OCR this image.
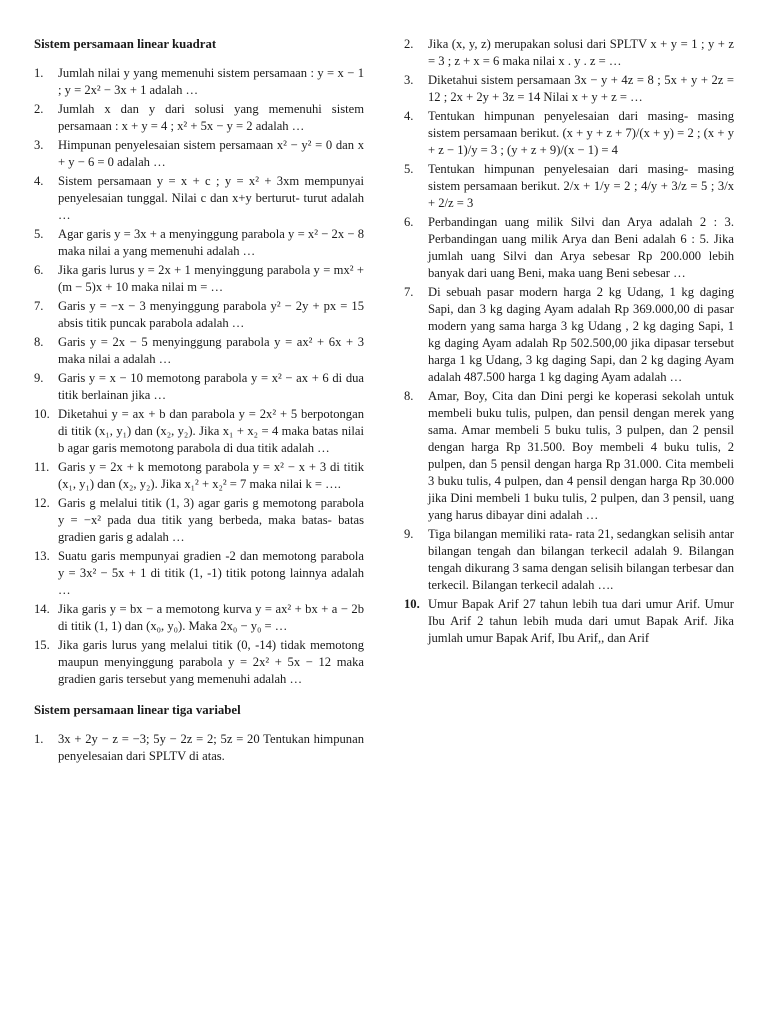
Sistem persamaan linear kuadrat
1. Jumlah nilai y yang memenuhi sistem persamaan : y = x − 1 ; y = 2x² − 3x + 1 adalah …
2. Jumlah x dan y dari solusi yang memenuhi sistem persamaan : x + y = 4 ; x² + 5x − y = 2 adalah …
3. Himpunan penyelesaian sistem persamaan x² − y² = 0 dan x + y − 6 = 0 adalah …
4. Sistem persamaan y = x + c ; y = x² + 3xm mempunyai penyelesaian tunggal. Nilai c dan x+y berturut- turut adalah …
5. Agar garis y = 3x + a menyinggung parabola y = x² − 2x − 8 maka nilai a yang memenuhi adalah …
6. Jika garis lurus y = 2x + 1 menyinggung parabola y = mx² + (m − 5)x + 10 maka nilai m = …
7. Garis y = −x − 3 menyinggung parabola y² − 2y + px = 15 absis titik puncak parabola adalah …
8. Garis y = 2x − 5 menyinggung parabola y = ax² + 6x + 3 maka nilai a adalah …
9. Garis y = x − 10 memotong parabola y = x² − ax + 6 di dua titik berlainan jika …
10. Diketahui y = ax + b dan parabola y = 2x² + 5 berpotongan di titik (x₁, y₁) dan (x₂, y₂). Jika x₁ + x₂ = 4 maka batas nilai b agar garis memotong parabola di dua titik adalah …
11. Garis y = 2x + k memotong parabola y = x² − x + 3 di titik (x₁, y₁) dan (x₂, y₂). Jika x₁² + x₂² = 7 maka nilai k = ….
12. Garis g melalui titik (1, 3) agar garis g memotong parabola y = −x² pada dua titik yang berbeda, maka batas- batas gradien garis g adalah …
13. Suatu garis mempunyai gradien -2 dan memotong parabola y = 3x² − 5x + 1 di titik (1, -1) titik potong lainnya adalah …
14. Jika garis y = bx − a memotong kurva y = ax² + bx + a − 2b di titik (1, 1) dan (x₀, y₀). Maka 2x₀ − y₀ = …
15. Jika garis lurus yang melalui titik (0, -14) tidak memotong maupun menyinggung parabola y = 2x² + 5x − 12 maka gradien garis tersebut yang memenuhi adalah …
Sistem persamaan linear tiga variabel
1. 3x + 2y − z = −3; 5y − 2z = 2; 5z = 20 Tentukan himpunan penyelesaian dari SPLTV di atas.
2. Jika (x, y, z) merupakan solusi dari SPLTV x + y = 1 ; y + z = 3 ; z + x = 6 maka nilai x . y . z = …
3. Diketahui sistem persamaan 3x − y + 4z = 8 ; 5x + y + 2z = 12 ; 2x + 2y + 3z = 14 Nilai x + y + z = …
4. Tentukan himpunan penyelesaian dari masing- masing sistem persamaan berikut. (x + y + z + 7)/(x + y) = 2 ; (x + y + z − 1)/y = 3 ; (y + z + 9)/(x − 1) = 4
5. Tentukan himpunan penyelesaian dari masing- masing sistem persamaan berikut. 2/x + 1/y = 2 ; 4/y + 3/z = 5 ; 3/x + 2/z = 3
6. Perbandingan uang milik Silvi dan Arya adalah 2 : 3. Perbandingan uang milik Arya dan Beni adalah 6 : 5. Jika jumlah uang Silvi dan Arya sebesar Rp 200.000 lebih banyak dari uang Beni, maka uang Beni sebesar …
7. Di sebuah pasar modern harga 2 kg Udang, 1 kg daging Sapi, dan 3 kg daging Ayam adalah Rp 369.000,00 di pasar modern yang sama harga 3 kg Udang , 2 kg daging Sapi, 1 kg daging Ayam adalah Rp 502.500,00 jika dipasar tersebut harga 1 kg Udang, 3 kg daging Sapi, dan 2 kg daging Ayam adalah 487.500 harga 1 kg daging Ayam adalah …
8. Amar, Boy, Cita dan Dini pergi ke koperasi sekolah untuk membeli buku tulis, pulpen, dan pensil dengan merek yang sama. Amar membeli 5 buku tulis, 3 pulpen, dan 2 pensil dengan harga Rp 31.500. Boy membeli 4 buku tulis, 2 pulpen, dan 5 pensil dengan harga Rp 31.000. Cita membeli 3 buku tulis, 4 pulpen, dan 4 pensil dengan harga Rp 30.000 jika Dini membeli 1 buku tulis, 2 pulpen, dan 3 pensil, uang yang harus dibayar dini adalah …
9. Tiga bilangan memiliki rata- rata 21, sedangkan selisih antar bilangan tengah dan bilangan terkecil adalah 9. Bilangan tengah dikurang 3 sama dengan selisih bilangan terbesar dan terkecil. Bilangan terkecil adalah ….
10. Umur Bapak Arif 27 tahun lebih tua dari umur Arif. Umur Ibu Arif 2 tahun lebih muda dari umut Bapak Arif. Jika jumlah umur Bapak Arif, Ibu Arif,, dan Arif
